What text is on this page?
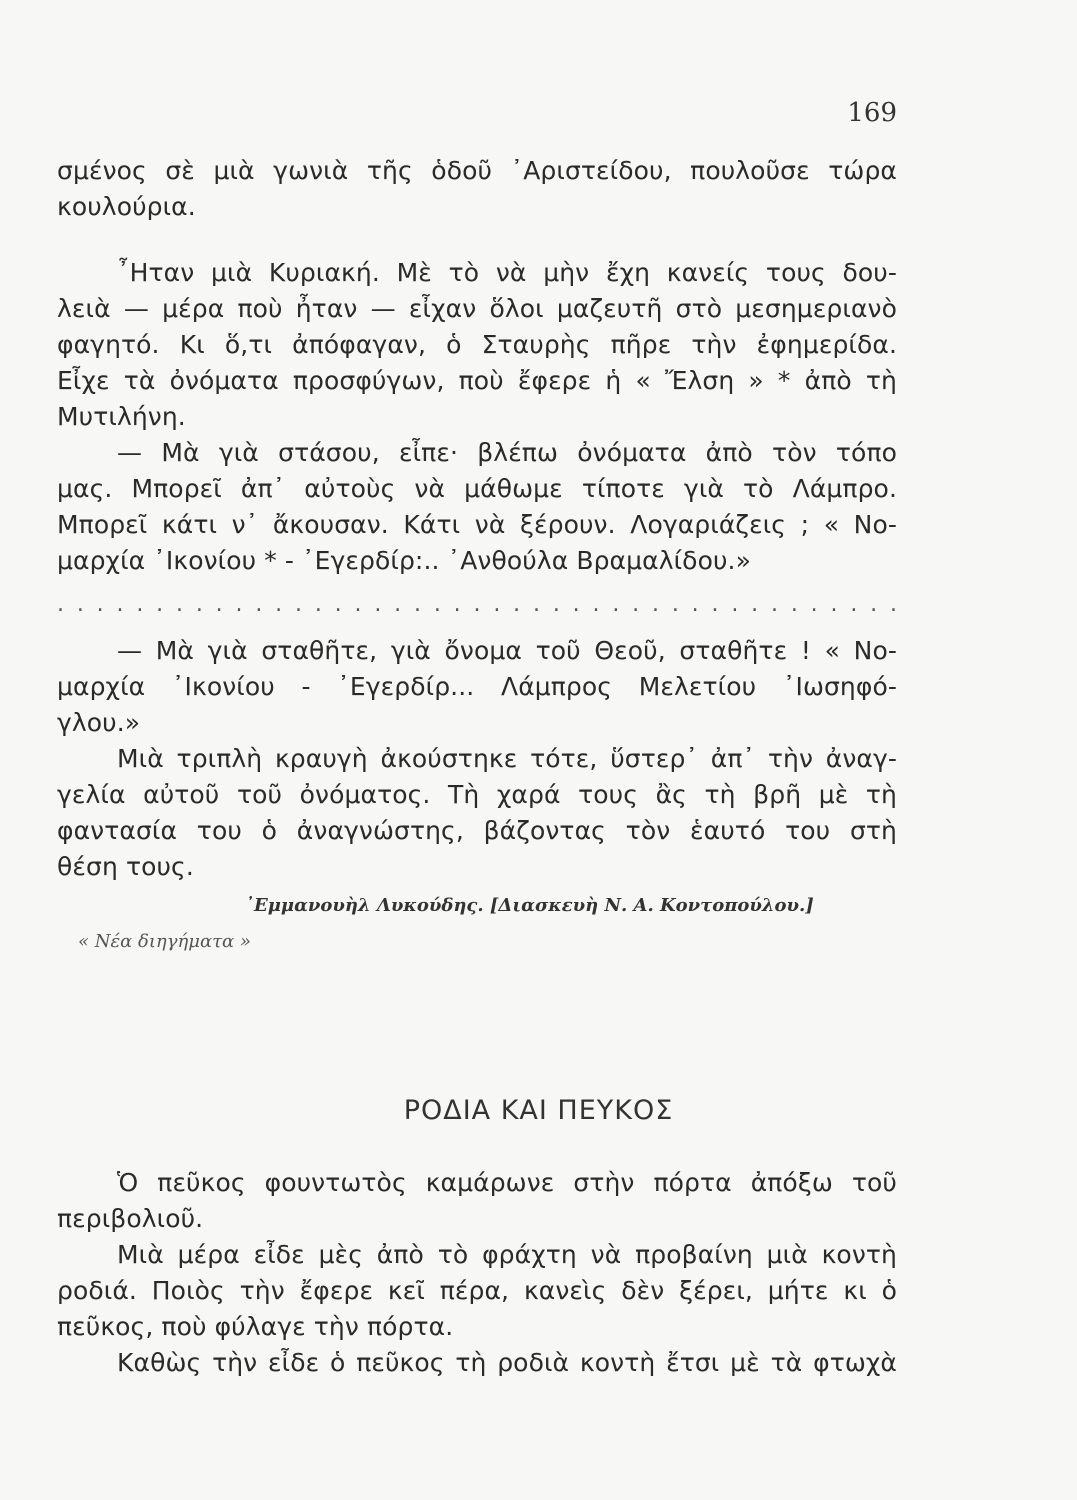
169
σμένος σὲ μιὰ γωνιὰ τῆς ὁδοῦ ᾿Αριστείδου, πουλοῦσε τώρα
κουλούρια.
῏Ηταν μιὰ Κυριακή. Μὲ τὸ νὰ μὴν ἔχη κανείς τους δου-
λειὰ — μέρα ποὺ ἦταν — εἶχαν ὅλοι μαζευτῆ στὸ μεσημεριανὸ
φαγητό. Κι ὅ,τι ἀπόφαγαν, ὁ Σταυρὴς πῆρε τὴν ἐφημερίδα.
Εἶχε τὰ ὀνόματα προσφύγων, ποὺ ἔφερε ἡ « Ἔλση » * ἀπὸ τὴ
Μυτιλήνη.
— Μὰ γιὰ στάσου, εἶπε· βλέπω ὀνόματα ἀπὸ τὸν τόπο
μας. Μπορεῖ ἀπ᾿ αὐτοὺς νὰ μάθωμε τίποτε γιὰ τὸ Λάμπρο.
Μπορεῖ κάτι ν᾿ ἄκουσαν. Κάτι νὰ ξέρουν. Λογαριάζεις ; « Νο-
μαρχία ᾿Ικονίου * - ᾿Εγερδίρ:.. ᾿Ανθούλα Βραμαλίδου.»
. . . . . . . . . . . . . . . . . . . . . . . . . . . . . . . . . . . . . . . . . . .
— Μὰ γιὰ σταθῆτε, γιὰ ὄνομα τοῦ Θεοῦ, σταθῆτε ! « Νο-
μαρχία ᾿Ικονίου - ᾿Εγερδίρ... Λάμπρος Μελετίου ᾿Ιωσηφό-
γλου.»
Μιὰ τριπλὴ κραυγὴ ἀκούστηκε τότε, ὕστερ᾿ ἀπ᾿ τὴν ἀναγ-
γελία αὐτοῦ τοῦ ὀνόματος. Τὴ χαρά τους ἂς τὴ βρῆ μὲ τὴ
φαντασία του ὁ ἀναγνώστης, βάζοντας τὸν ἑαυτό του στὴ
θέση τους.
᾿Εμμανουὴλ Λυκούδης. [Διασκευὴ Ν. Α. Κοντοπούλου.]
« Νέα διηγήματα »
ΡΟΔΙΑ ΚΑΙ ΠΕΥΚΟΣ
Ὁ πεῦκος φουντωτὸς καμάρωνε στὴν πόρτα ἀπόξω τοῦ
περιβολιοῦ.
Μιὰ μέρα εἶδε μὲς ἀπὸ τὸ φράχτη νὰ προβαίνη μιὰ κοντὴ
ροδιά. Ποιὸς τὴν ἔφερε κεῖ πέρα, κανεὶς δὲν ξέρει, μήτε κι ὁ
πεῦκος, ποὺ φύλαγε τὴν πόρτα.
Καθὼς τὴν εἶδε ὁ πεῦκος τὴ ροδιὰ κοντὴ ἔτσι μὲ τὰ φτωχὰ
